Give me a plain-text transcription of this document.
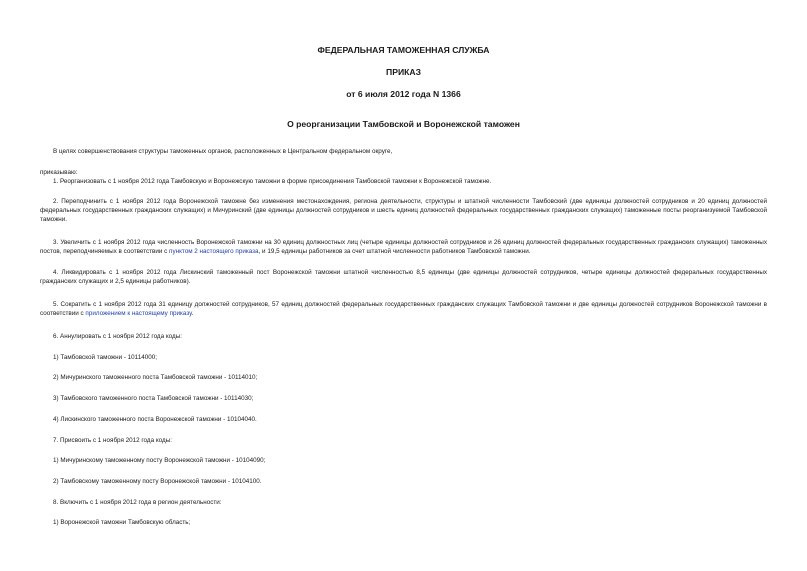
ФЕДЕРАЛЬНАЯ ТАМОЖЕННАЯ СЛУЖБА
ПРИКАЗ
от 6 июля 2012 года N 1366
О реорганизации Тамбовской и Воронежской таможен
В целях совершенствования структуры таможенных органов, расположенных в Центральном федеральном округе,
приказываю:
1. Реорганизовать с 1 ноября 2012 года Тамбовскую и Воронежскую таможни в форме присоединения Тамбовской таможни к Воронежской таможне.
2. Переподчинить с 1 ноября 2012 года Воронежской таможне без изменения местонахождения, региона деятельности, структуры и штатной численности Тамбовский (две единицы должностей сотрудников и 20 единиц должностей федеральных государственных гражданских служащих) и Мичуринский (две единицы должностей сотрудников и шесть единиц должностей федеральных государственных гражданских служащих) таможенные посты реорганизуемой Тамбовской таможни.
3. Увеличить с 1 ноября 2012 года численность Воронежской таможни на 30 единиц должностных лиц (четыре единицы должностей сотрудников и 26 единиц должностей федеральных государственных гражданских служащих) таможенных постов, переподчиняемых в соответствии с пунктом 2 настоящего приказа, и 19,5 единицы работников за счет штатной численности работников Тамбовской таможни.
4. Ликвидировать с 1 ноября 2012 года Лискинский таможенный пост Воронежской таможни штатной численностью 8,5 единицы (две единицы должностей сотрудников, четыре единицы должностей федеральных государственных гражданских служащих и 2,5 единицы работников).
5. Сократить с 1 ноября 2012 года 31 единицу должностей сотрудников, 57 единиц должностей федеральных государственных гражданских служащих Тамбовской таможни и две единицы должностей сотрудников Воронежской таможни в соответствии с приложением к настоящему приказу.
6. Аннулировать с 1 ноября 2012 года коды:
1) Тамбовской таможни - 10114000;
2) Мичуринского таможенного поста Тамбовской таможни - 10114010;
3) Тамбовского таможенного поста Тамбовской таможни - 10114030;
4) Лискинского таможенного поста Воронежской таможни - 10104040.
7. Присвоить с 1 ноября 2012 года коды:
1) Мичуринскому таможенному посту Воронежской таможни - 10104090;
2) Тамбовскому таможенному посту Воронежской таможни - 10104100.
8. Включить с 1 ноября 2012 года в регион деятельности:
1) Воронежской таможни Тамбовскую область;
